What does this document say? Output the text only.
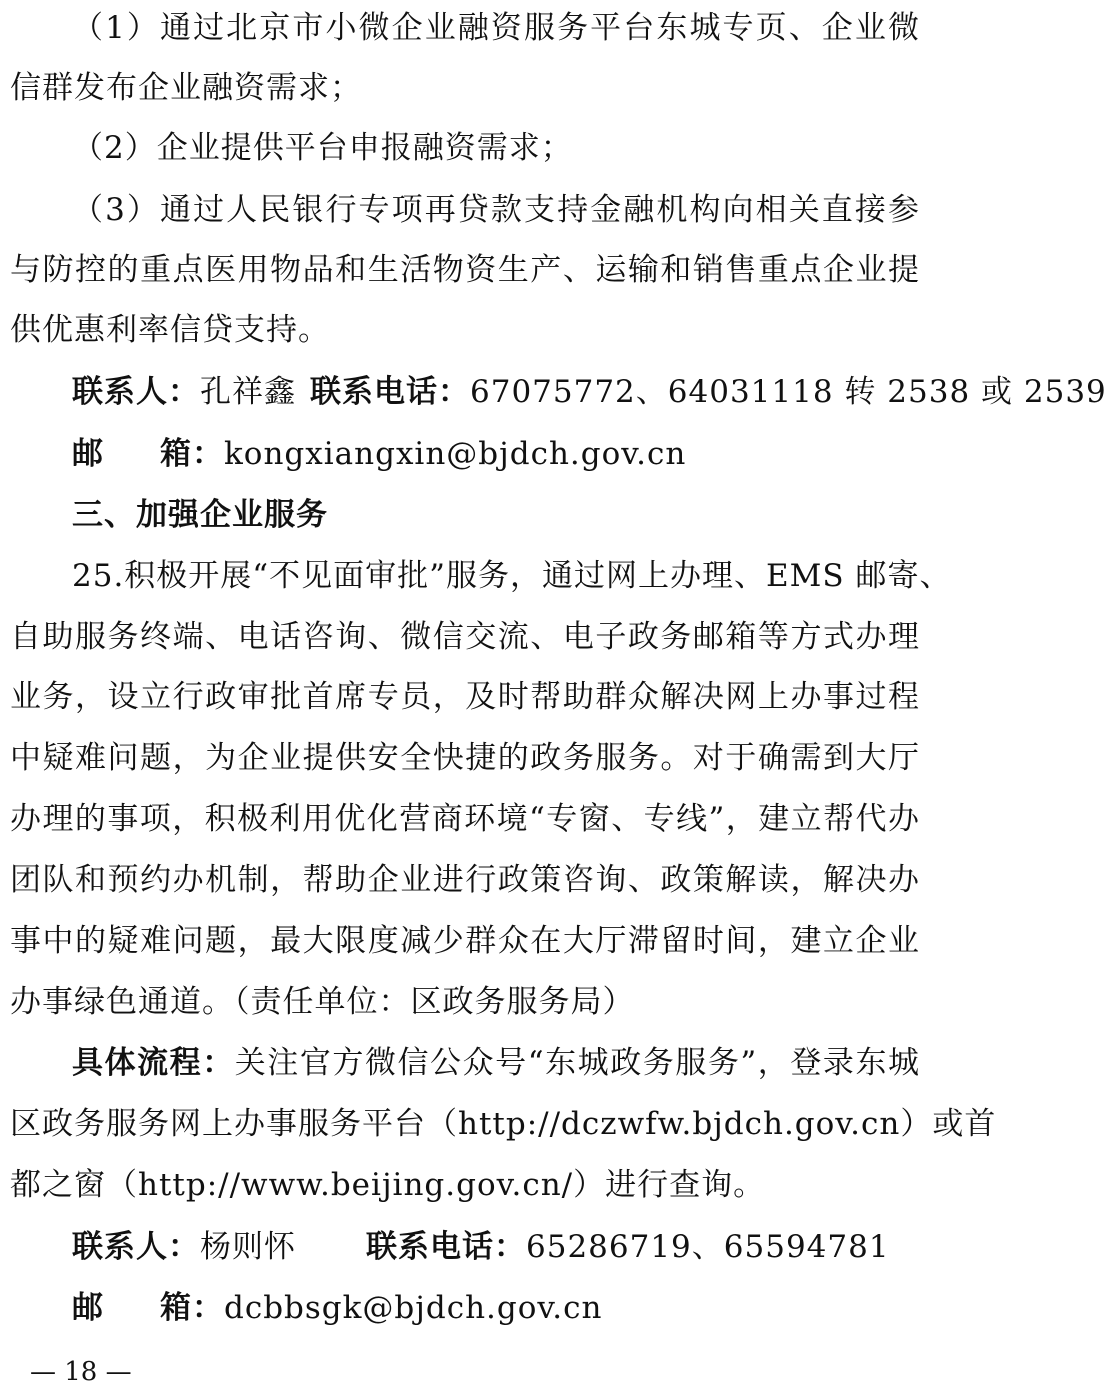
（1）通过北京市小微企业融资服务平台东城专页、企业微
信群发布企业融资需求；
（2）企业提供平台申报融资需求；
（3）通过人民银行专项再贷款支持金融机构向相关直接参
与防控的重点医用物品和生活物资生产、运输和销售重点企业提
供优惠利率信贷支持。
联系人：孔祥鑫 联系电话：67075772、64031118 转 2538 或 2539
邮 箱：kongxiangxin@bjdch.gov.cn
三、加强企业服务
25.积极开展“不见面审批”服务，通过网上办理、EMS 邮寄、
自助服务终端、电话咨询、微信交流、电子政务邮箱等方式办理
业务，设立行政审批首席专员，及时帮助群众解决网上办事过程
中疑难问题，为企业提供安全快捷的政务服务。对于确需到大厅
办理的事项，积极利用优化营商环境“专窗、专线”，建立帮代办
团队和预约办机制，帮助企业进行政策咨询、政策解读，解决办
事中的疑难问题，最大限度减少群众在大厅滞留时间，建立企业
办事绿色通道。（责任单位：区政务服务局）
具体流程：关注官方微信公众号“东城政务服务”，登录东城
区政务服务网上办事服务平台（http://dczwfw.bjdch.gov.cn）或首
都之窗（http://www.beijing.gov.cn/）进行查询。
联系人：杨则怀 联系电话：65286719、65594781
邮 箱：dcbbsgk@bjdch.gov.cn
— 18 —
